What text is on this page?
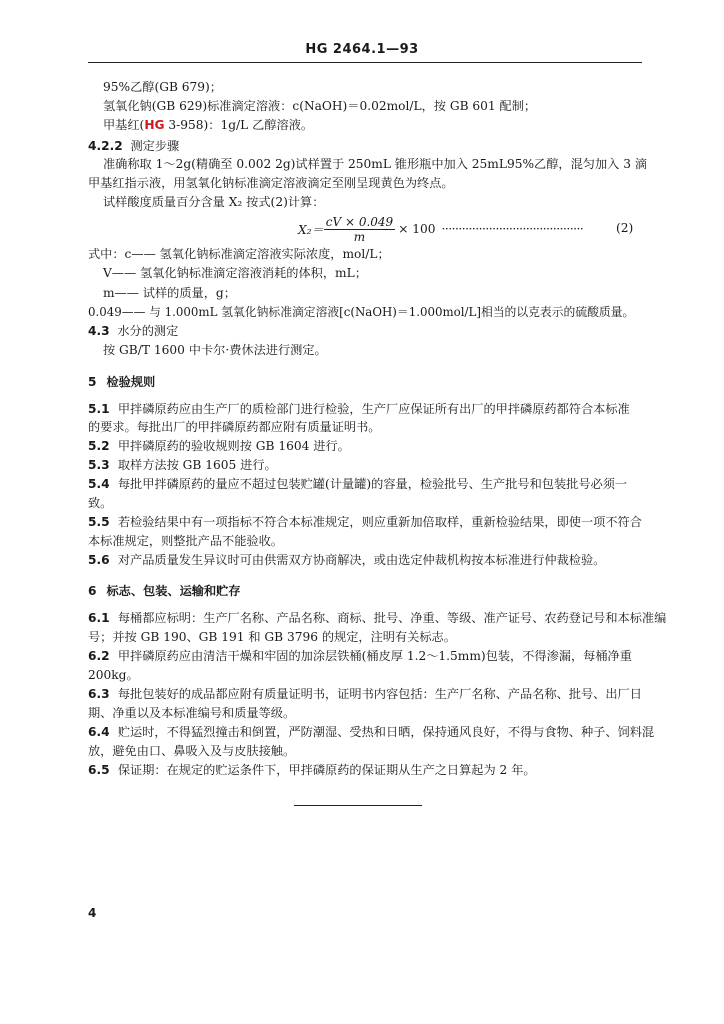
HG 2464.1—93
95%乙醇(GB 679)；
氢氧化钠(GB 629)标准滴定溶液：c(NaOH)＝0.02mol/L，按 GB 601 配制；
甲基红(HG 3-958)：1g/L 乙醇溶液。
4.2.2 测定步骤
准确称取 1～2g(精确至 0.002 2g)试样置于 250mL 锥形瓶中加入 25mL95%乙醇，混匀加入 3 滴
甲基红指示液，用氢氧化钠标准滴定溶液滴定至刚呈现黄色为终点。
试样酸度质量百分含量 X₂ 按式(2)计算：
$X_2= \frac{cV \times 0.049}{m} \times 100$ ··········································	(2)
式中：c—— 氢氧化钠标准滴定溶液实际浓度，mol/L；
V—— 氢氧化钠标准滴定溶液消耗的体积，mL；
m—— 试样的质量，g；
0.049—— 与 1.000mL 氢氧化钠标准滴定溶液[c(NaOH)＝1.000mol/L]相当的以克表示的硫酸质量。
4.3 水分的测定
按 GB/T 1600 中卡尔·费休法进行测定。
5 检验规则
5.1 甲拌磷原药应由生产厂的质检部门进行检验，生产厂应保证所有出厂的甲拌磷原药都符合本标准
的要求。每批出厂的甲拌磷原药都应附有质量证明书。
5.2 甲拌磷原药的验收规则按 GB 1604 进行。
5.3 取样方法按 GB 1605 进行。
5.4 每批甲拌磷原药的量应不超过包装贮罐(计量罐)的容量，检验批号、生产批号和包装批号必须一
致。
5.5 若检验结果中有一项指标不符合本标准规定，则应重新加倍取样，重新检验结果，即使一项不符合
本标准规定，则整批产品不能验收。
5.6 对产品质量发生异议时可由供需双方协商解决，或由选定仲裁机构按本标准进行仲裁检验。
6 标志、包装、运输和贮存
6.1 每桶都应标明：生产厂名称、产品名称、商标、批号、净重、等级、准产证号、农药登记号和本标准编
号；并按 GB 190、GB 191 和 GB 3796 的规定，注明有关标志。
6.2 甲拌磷原药应由清洁干燥和牢固的加涂层铁桶(桶皮厚 1.2～1.5mm)包装，不得渗漏，每桶净重
200kg。
6.3 每批包装好的成品都应附有质量证明书，证明书内容包括：生产厂名称、产品名称、批号、出厂日
期、净重以及本标准编号和质量等级。
6.4 贮运时，不得猛烈撞击和倒置，严防潮湿、受热和日晒，保持通风良好，不得与食物、种子、饲料混
放，避免由口、鼻吸入及与皮肤接触。
6.5 保证期：在规定的贮运条件下，甲拌磷原药的保证期从生产之日算起为 2 年。
4
